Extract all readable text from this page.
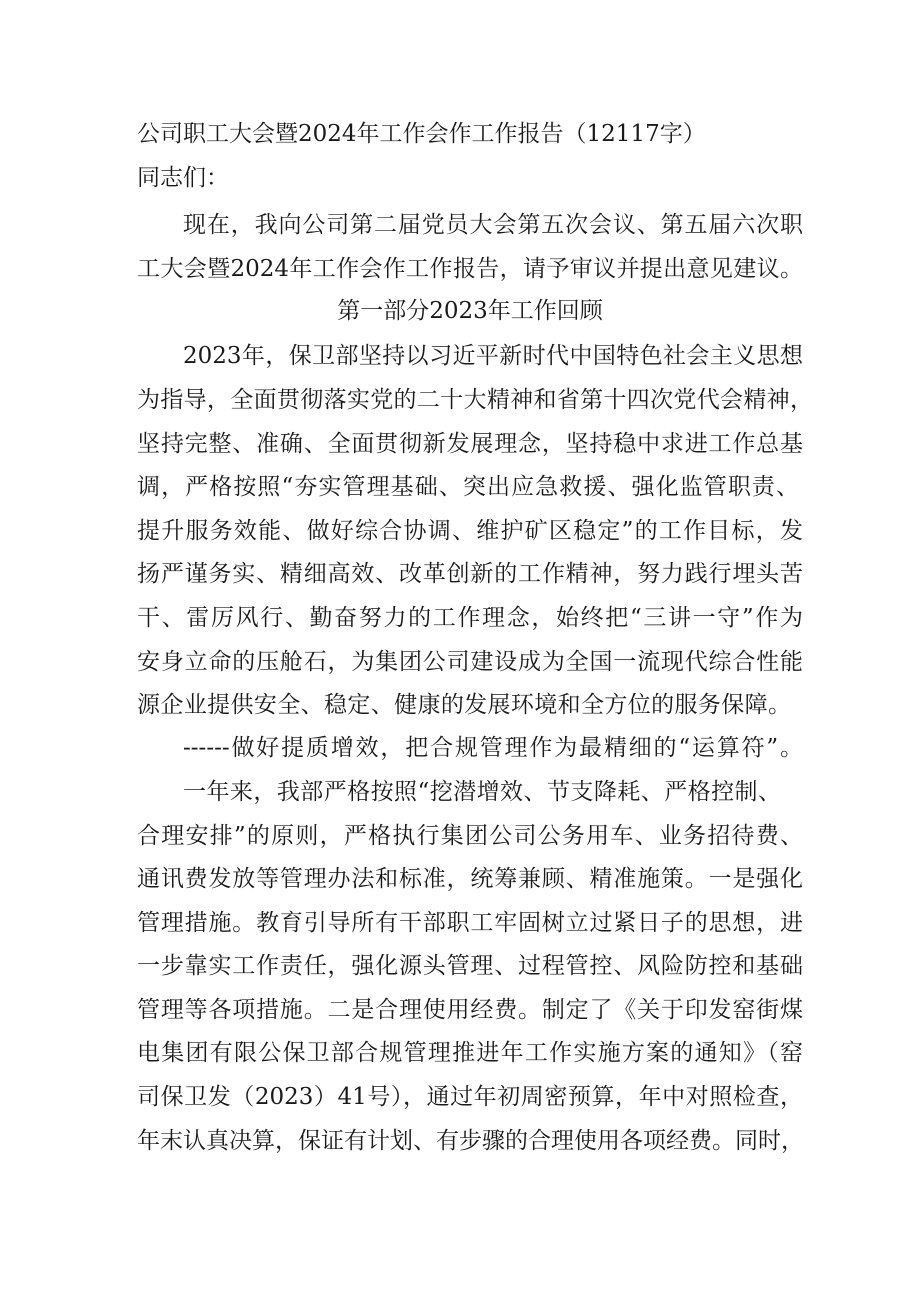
公司职工大会暨2024年工作会作工作报告（12117字）
同志们：
现在，我向公司第二届党员大会第五次会议、第五届六次职
工大会暨2024年工作会作工作报告，请予审议并提出意见建议。
第一部分2023年工作回顾
2023年，保卫部坚持以习近平新时代中国特色社会主义思想
为指导，全面贯彻落实党的二十大精神和省第十四次党代会精神，
坚持完整、准确、全面贯彻新发展理念，坚持稳中求进工作总基
调，严格按照“夯实管理基础、突出应急救援、强化监管职责、
提升服务效能、做好综合协调、维护矿区稳定”的工作目标，发
扬严谨务实、精细高效、改革创新的工作精神，努力践行埋头苦
干、雷厉风行、勤奋努力的工作理念，始终把“三讲一守”作为
安身立命的压舱石，为集团公司建设成为全国一流现代综合性能
源企业提供安全、稳定、健康的发展环境和全方位的服务保障。
------做好提质增效，把合规管理作为最精细的“运算符”。
一年来，我部严格按照“挖潜增效、节支降耗、严格控制、
合理安排”的原则，严格执行集团公司公务用车、业务招待费、
通讯费发放等管理办法和标准，统筹兼顾、精准施策。一是强化
管理措施。教育引导所有干部职工牢固树立过紧日子的思想，进
一步靠实工作责任，强化源头管理、过程管控、风险防控和基础
管理等各项措施。二是合理使用经费。制定了《关于印发窑街煤
电集团有限公保卫部合规管理推进年工作实施方案的通知》（窑
司保卫发（2023）41号），通过年初周密预算，年中对照检查，
年末认真决算，保证有计划、有步骤的合理使用各项经费。同时，
